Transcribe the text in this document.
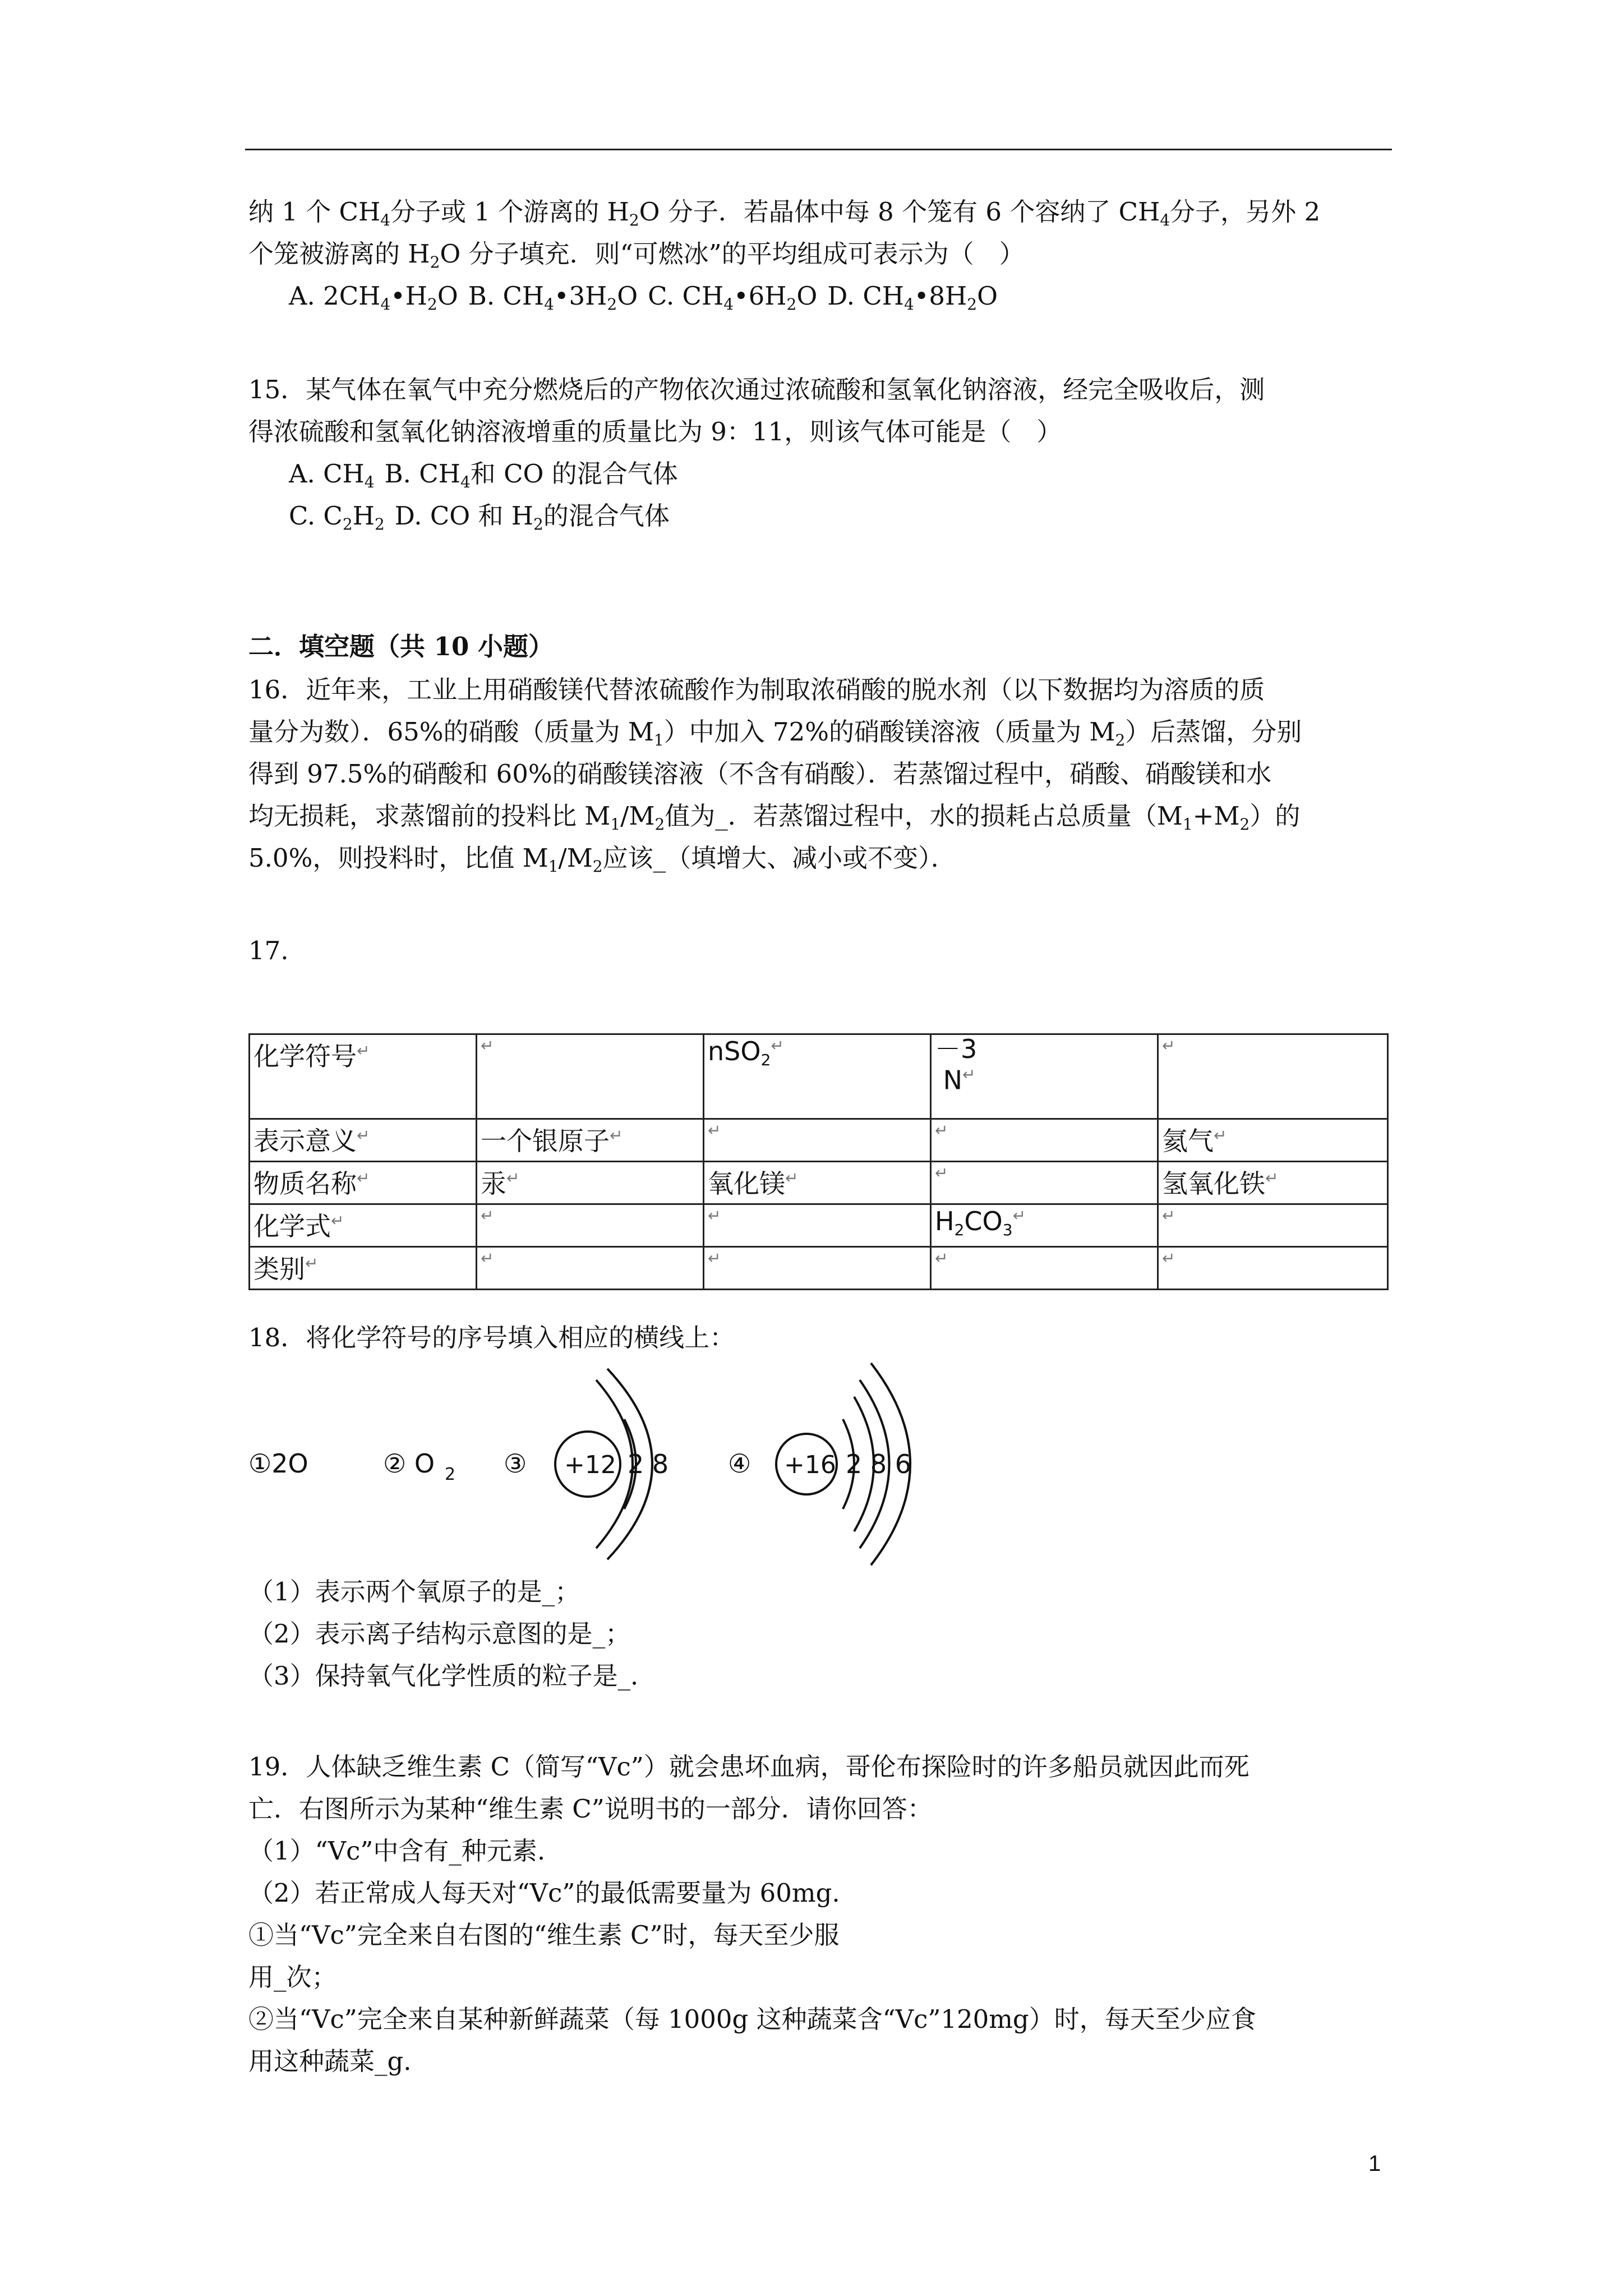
纳 1 个 $CH_4$分子或 1 个游离的 $H_2O$ 分子．若晶体中每 8 个笼有 6 个容纳了 $CH_4$分子，另外 2
个笼被游离的 $H_2O$ 分子填充．则“可燃冰”的平均组成可表示为（　）
A. $2CH_4•H_2O$ B. $CH_4•3H_2O$ C. $CH_4•6H_2O$ D. $CH_4•8H_2O$
15．某气体在氧气中充分燃烧后的产物依次通过浓硫酸和氢氧化钠溶液，经完全吸收后，测
得浓硫酸和氢氧化钠溶液增重的质量比为 9：11，则该气体可能是（　）
A. $CH_4$ B. $CH_4$和 CO 的混合气体
C. $C_2H_2$ D. CO 和 $H_2$的混合气体
二．填空题（共 10 小题）
16．近年来，工业上用硝酸镁代替浓硫酸作为制取浓硝酸的脱水剂（以下数据均为溶质的质
量分为数）．65%的硝酸（质量为 $M_1$）中加入 72%的硝酸镁溶液（质量为 $M_2$）后蒸馏，分别
得到 97.5%的硝酸和 60%的硝酸镁溶液（不含有硝酸）．若蒸馏过程中，硝酸、硝酸镁和水
均无损耗，求蒸馏前的投料比 $M_1/M_2$值为_．若蒸馏过程中，水的损耗占总质量$(M_1+M_2)$的
5.0%，则投料时，比值 $M_1/M_2$应该_（填增大、减小或不变）．
17.
化学符号↵	↵	nSO$_2$↵	－3
N↵	↵
表示意义↵	一个银原子↵	↵	↵	氦气↵
物质名称↵	汞↵	氧化镁↵	↵	氢氧化铁↵
化学式↵	↵	↵	$H_2CO_3^↵$	↵
类别↵	↵	↵	↵	↵
18．将化学符号的序号填入相应的横线上：
①2O	② O 2 ③	④
+12 2 8	+16 2 8 6
（1）表示两个氧原子的是_；
（2）表示离子结构示意图的是_；
（3）保持氧气化学性质的粒子是_．
19．人体缺乏维生素 C（简写“Vc”）就会患坏血病，哥伦布探险时的许多船员就因此而死
亡．右图所示为某种“维生素 C”说明书的一部分．请你回答：
（1）“Vc”中含有_种元素.
（2）若正常成人每天对“Vc”的最低需要量为 60mg.
①当“Vc”完全来自右图的“维生素 C”时，每天至少服
用_次；
②当“Vc”完全来自某种新鲜蔬菜（每 1000g 这种蔬菜含“Vc”120mg）时，每天至少应食
用这种蔬菜_g.
1
